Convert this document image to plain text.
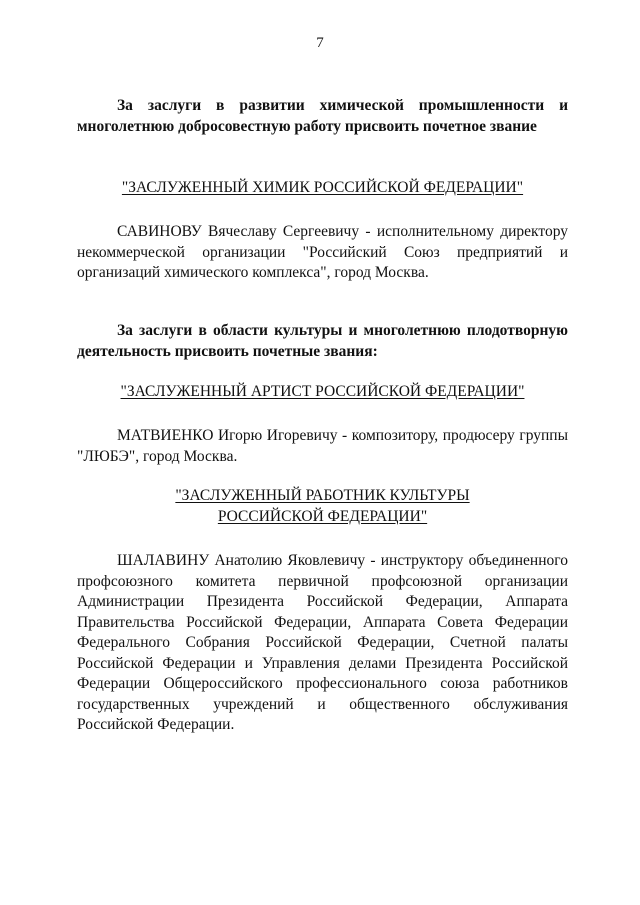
7

За заслуги в развитии химической промышленности и многолетнюю добросовестную работу присвоить почетное звание

"ЗАСЛУЖЕННЫЙ ХИМИК РОССИЙСКОЙ ФЕДЕРАЦИИ"

САВИНОВУ Вячеславу Сергеевичу - исполнительному директору некоммерческой организации "Российский Союз предприятий и организаций химического комплекса", город Москва.

За заслуги в области культуры и многолетнюю плодотворную деятельность присвоить почетные звания:

"ЗАСЛУЖЕННЫЙ АРТИСТ РОССИЙСКОЙ ФЕДЕРАЦИИ"

МАТВИЕНКО Игорю Игоревичу - композитору, продюсеру группы "ЛЮБЭ", город Москва.

"ЗАСЛУЖЕННЫЙ РАБОТНИК КУЛЬТУРЫ
РОССИЙСКОЙ ФЕДЕРАЦИИ"

ШАЛАВИНУ Анатолию Яковлевичу - инструктору объединенного профсоюзного комитета первичной профсоюзной организации Администрации Президента Российской Федерации, Аппарата Правительства Российской Федерации, Аппарата Совета Федерации Федерального Собрания Российской Федерации, Счетной палаты Российской Федерации и Управления делами Президента Российской Федерации Общероссийского профессионального союза работников государственных учреждений и общественного обслуживания Российской Федерации.
